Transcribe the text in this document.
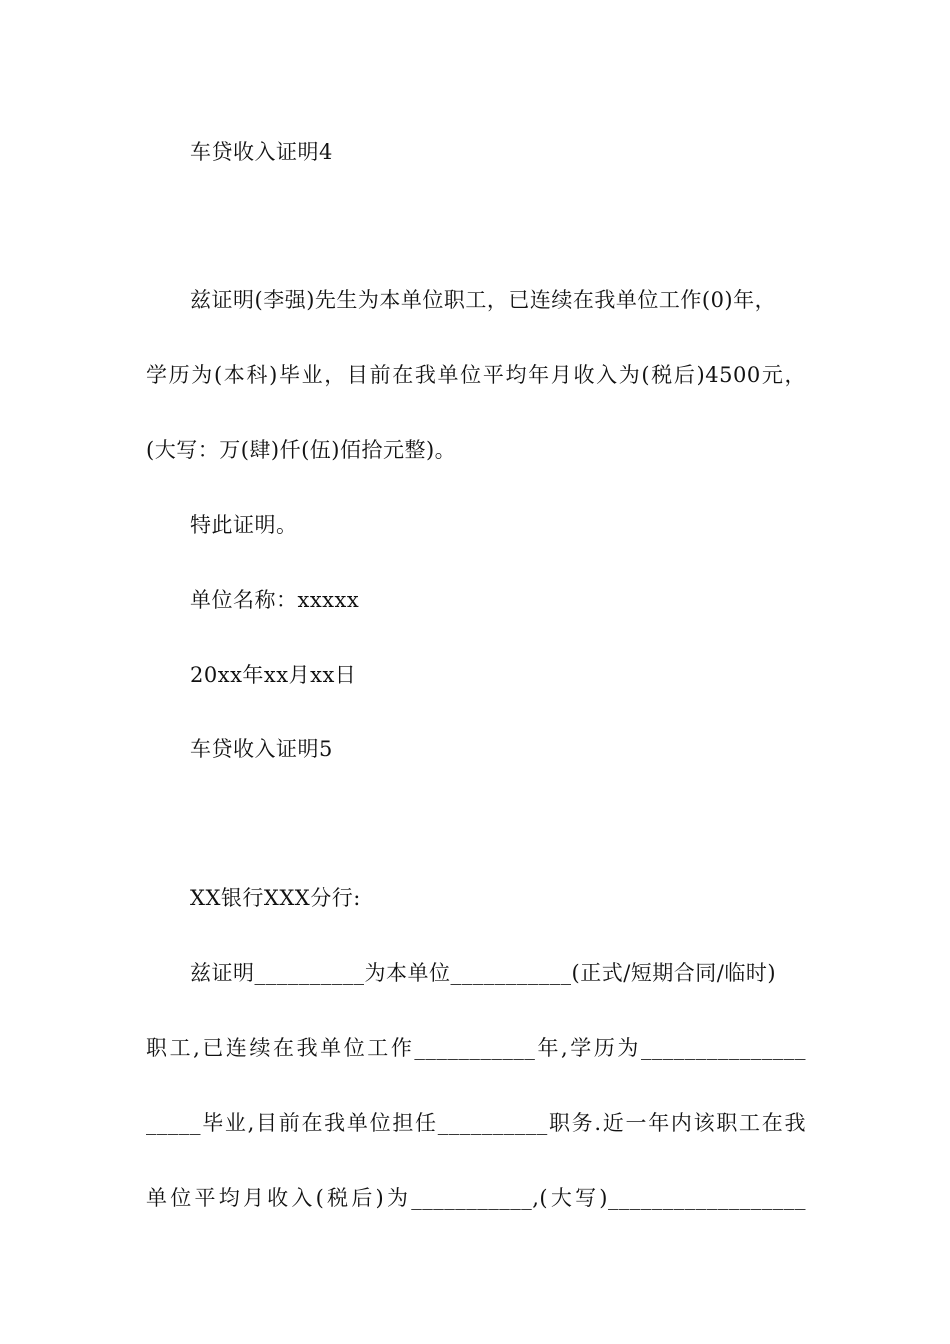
车贷收入证明4
兹证明(李强)先生为本单位职工，已连续在我单位工作(0)年，
学历为(本科)毕业，目前在我单位平均年月收入为(税后)4500元，
(大写：万(肆)仟(伍)佰拾元整)。
特此证明。
单位名称：xxxxx
20xx年xx月xx日
车贷收入证明5
XX银行XXX分行:
兹证明__________为本单位___________(正式/短期合同/临时)
职工,已连续在我单位工作___________年,学历为_______________
_____毕业,目前在我单位担任__________职务.近一年内该职工在我
单位平均月收入(税后)为___________,(大写)__________________
